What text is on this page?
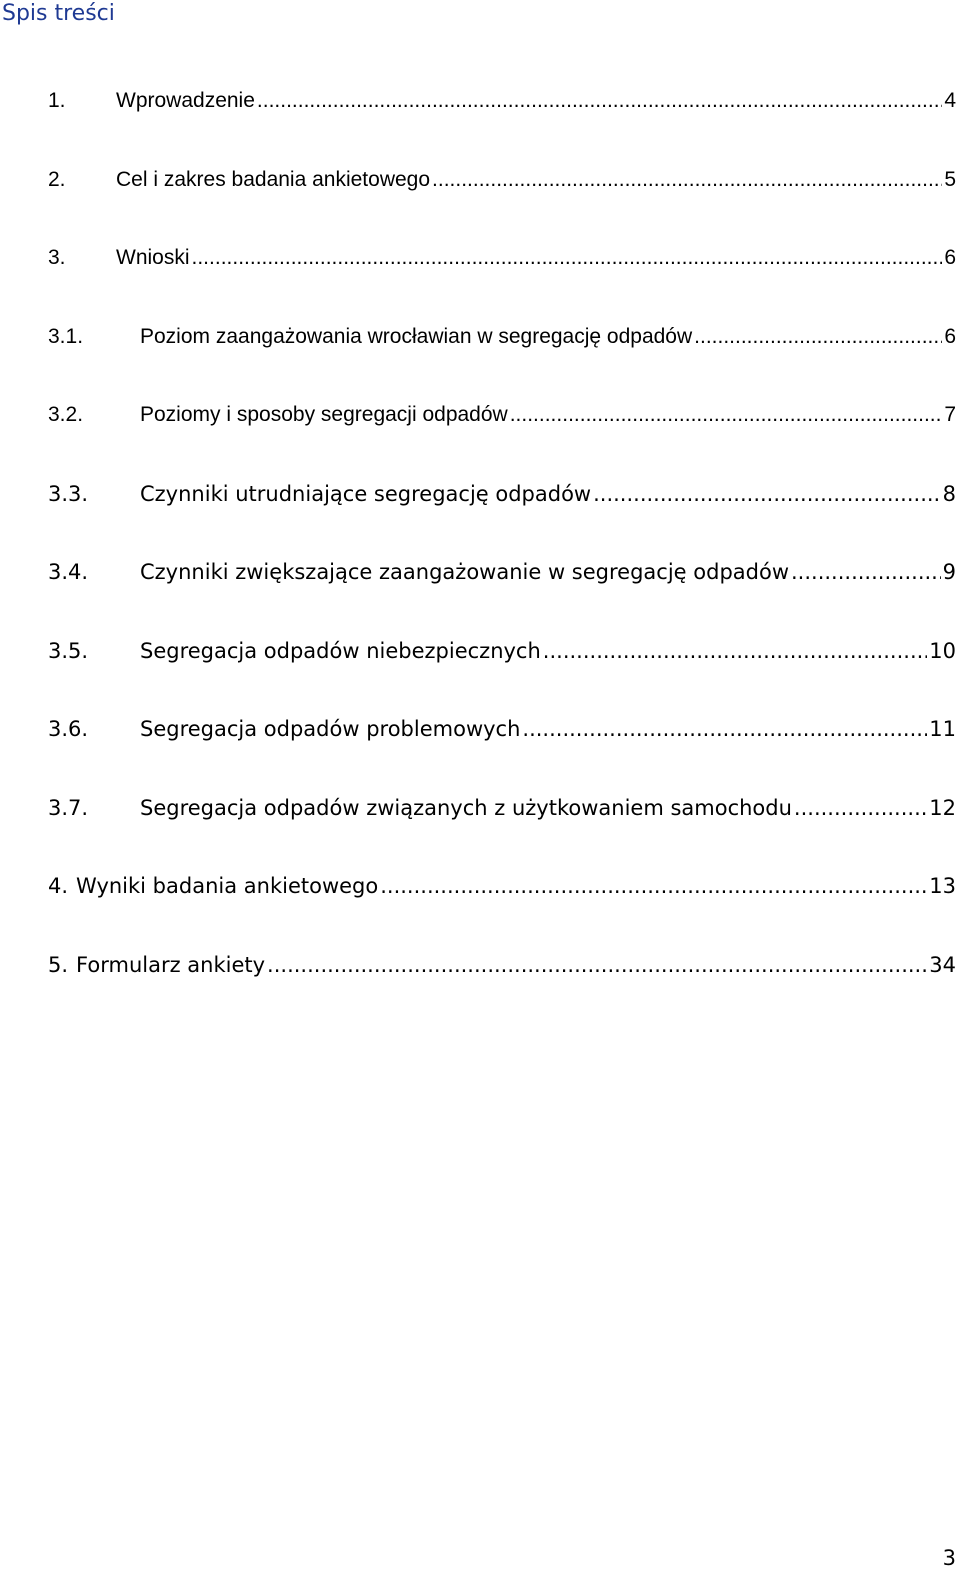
Spis treści
1.	Wprowadzenie .....	4
2.	Cel i zakres badania ankietowego .....	5
3.	Wnioski .....	6
3.1.	Poziom zaangażowania wrocławian w segregację odpadów .....	6
3.2.	Poziomy i sposoby segregacji odpadów .....	7
3.3.	Czynniki utrudniające segregację odpadów .....	8
3.4.	Czynniki zwiększające zaangażowanie w segregację odpadów .....	9
3.5.	Segregacja odpadów niebezpiecznych .....	10
3.6.	Segregacja odpadów problemowych .....	11
3.7.	Segregacja odpadów związanych z użytkowaniem samochodu .....	12
4. Wyniki badania ankietowego .....	13
5. Formularz ankiety .....	34
3
